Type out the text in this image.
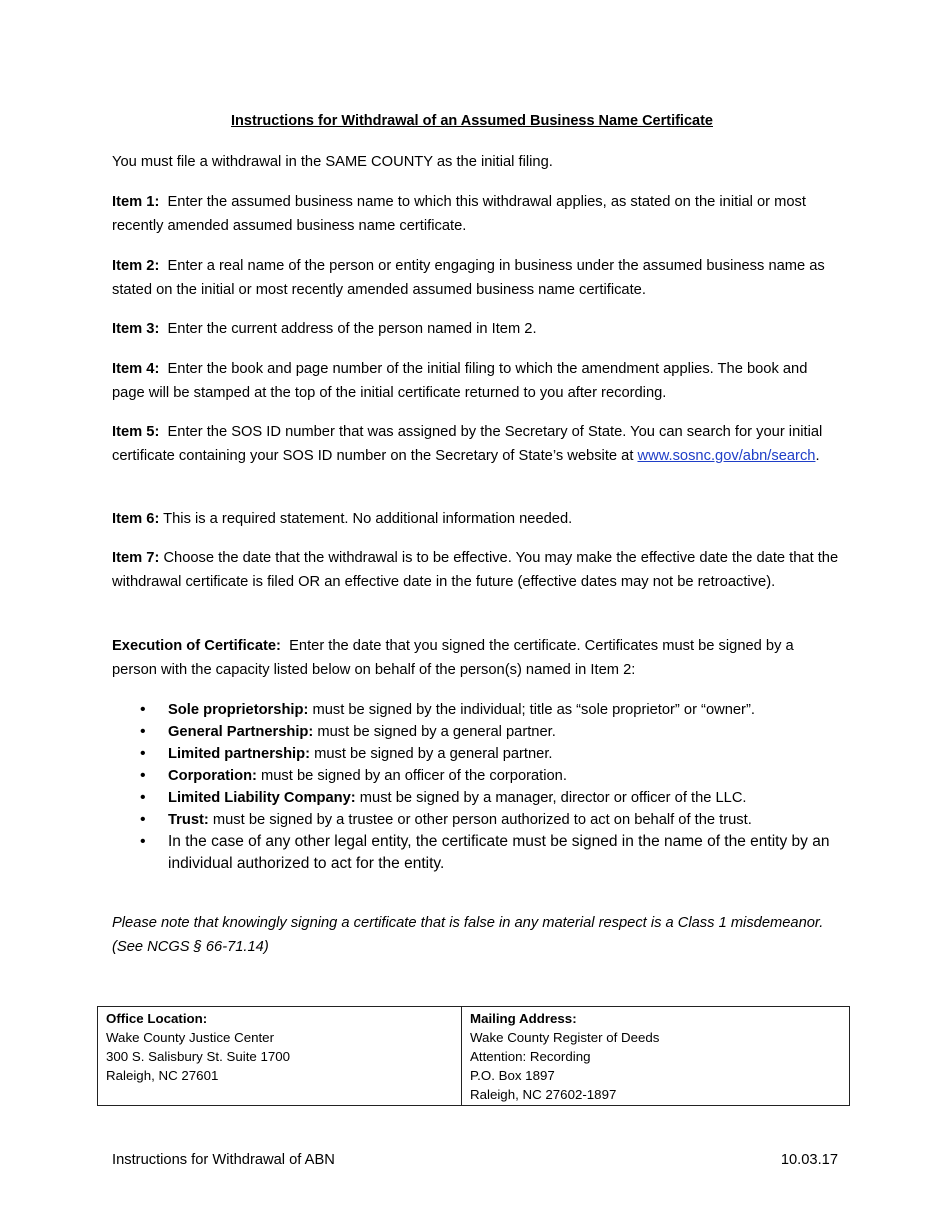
Instructions for Withdrawal of an Assumed Business Name Certificate
You must file a withdrawal in the SAME COUNTY as the initial filing.
Item 1: Enter the assumed business name to which this withdrawal applies, as stated on the initial or most recently amended assumed business name certificate.
Item 2: Enter a real name of the person or entity engaging in business under the assumed business name as stated on the initial or most recently amended assumed business name certificate.
Item 3: Enter the current address of the person named in Item 2.
Item 4: Enter the book and page number of the initial filing to which the amendment applies. The book and page will be stamped at the top of the initial certificate returned to you after recording.
Item 5: Enter the SOS ID number that was assigned by the Secretary of State. You can search for your initial certificate containing your SOS ID number on the Secretary of State’s website at www.sosnc.gov/abn/search.
Item 6: This is a required statement. No additional information needed.
Item 7: Choose the date that the withdrawal is to be effective. You may make the effective date the date that the withdrawal certificate is filed OR an effective date in the future (effective dates may not be retroactive).
Execution of Certificate: Enter the date that you signed the certificate. Certificates must be signed by a person with the capacity listed below on behalf of the person(s) named in Item 2:
• Sole proprietorship: must be signed by the individual; title as “sole proprietor” or “owner”.
• General Partnership: must be signed by a general partner.
• Limited partnership: must be signed by a general partner.
• Corporation: must be signed by an officer of the corporation.
• Limited Liability Company: must be signed by a manager, director or officer of the LLC.
• Trust: must be signed by a trustee or other person authorized to act on behalf of the trust.
• In the case of any other legal entity, the certificate must be signed in the name of the entity by an individual authorized to act for the entity.
Please note that knowingly signing a certificate that is false in any material respect is a Class 1 misdemeanor. (See NCGS § 66-71.14)
Office Location:
Wake County Justice Center
300 S. Salisbury St. Suite 1700
Raleigh, NC 27601

Mailing Address:
Wake County Register of Deeds
Attention: Recording
P.O. Box 1897
Raleigh, NC 27602-1897
Instructions for Withdrawal of ABN	10.03.17
